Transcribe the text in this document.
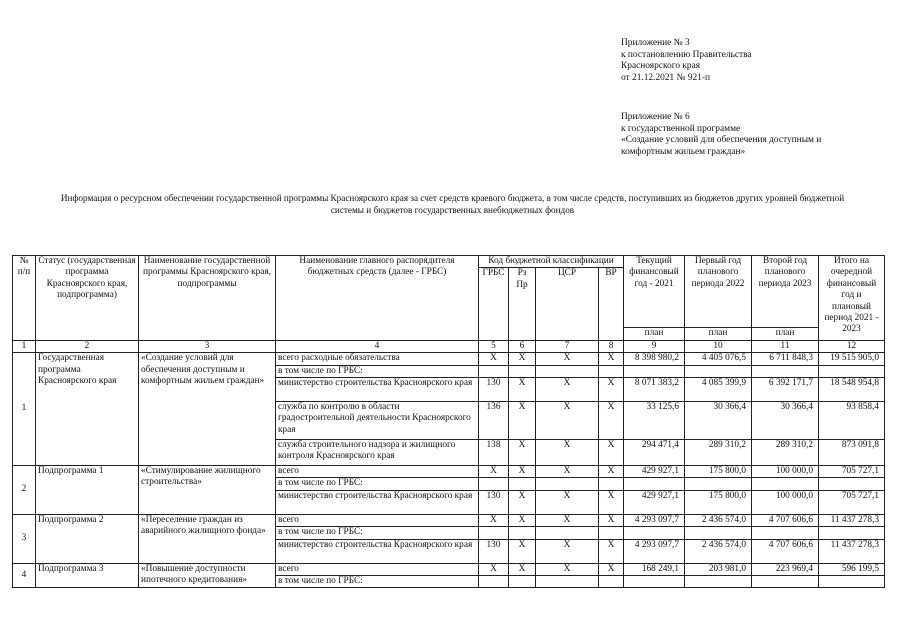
Приложение № 3
к постановлению Правительства
Красноярского края
от 21.12.2021 № 921-п
Приложение № 6
к государственной программе
«Создание условий для обеспечения доступным и
комфортным жильем граждан»
Информация о ресурсном обеспечении государственной программы Красноярского края за счет средств краевого бюджета, в том числе средств, поступивших из бюджетов других уровней бюджетной
системы и бюджетов государственных внебюджетных фондов
№ п/п	Статус (государственная программа Красноярского края, подпрограмма)	Наименование государственной программы Красноярского края, подпрограммы	Наименование главного распорядителя бюджетных средств (далее - ГРБС)	Код бюджетной классификации				Текущий финансовый год - 2021	Первый год планового периода 2022	Второй год планового периода 2023	Итого на очередной финансовый год и плановый период 2021 - 2023
				ГРБС	Рз Пр	ЦСР	ВР				
								план	план	план	
1	2	3	4	5	6	7	8	9	10	11	12
1	Государственная программа Красноярского края	«Создание условий для обеспечения доступным и комфортным жильем граждан»	всего расходные обязательства	Х	Х	Х	Х	8 398 980,2	4 405 076,5	6 711 848,3	19 515 905,0
			в том числе по ГРБС:								
			министерство строительства Красноярского края	130	Х	Х	Х	8 071 383,2	4 085 399,9	6 392 171,7	18 548 954,8
			служба по контролю в области градостроительной деятельности Красноярского края	136	Х	Х	Х	33 125,6	30 366,4	30 366,4	93 858,4
			служба строительного надзора и жилищного контроля Красноярского края	138	Х	Х	Х	294 471,4	289 310,2	289 310,2	873 091,8
2	Подпрограмма 1	«Стимулирование жилищного строительства»	всего	Х	Х	Х	Х	429 927,1	175 800,0	100 000,0	705 727,1
			в том числе по ГРБС:								
			министерство строительства Красноярского края	130	Х	Х	Х	429 927,1	175 800,0	100 000,0	705 727,1
3	Подпрограмма 2	«Переселение граждан из аварийного жилищного фонда»	всего	Х	Х	Х	Х	4 293 097,7	2 436 574,0	4 707 606,6	11 437 278,3
			в том числе по ГРБС:								
			министерство строительства Красноярского края	130	Х	Х	Х	4 293 097,7	2 436 574,0	4 707 606,6	11 437 278,3
4	Подпрограмма 3	«Повышение доступности ипотечного кредитования»	всего	Х	Х	Х	Х	168 249,1	203 981,0	223 969,4	596 199,5
			в том числе по ГРБС:								
